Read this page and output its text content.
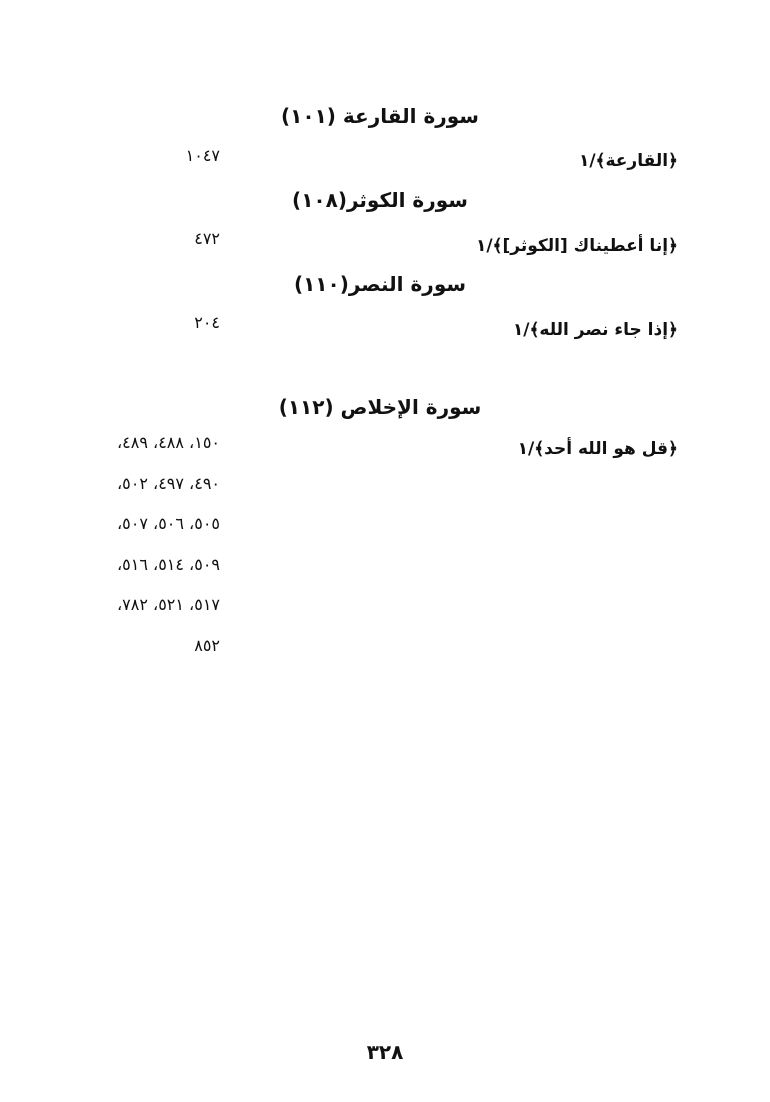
سورة القارعة (١٠١)
﴿القارعة﴾/١
١٠٤٧
سورة الكوثر(١٠٨)
﴿إنا أعطيناك [الكوثر]﴾/١
٤٧٢
سورة النصر(١١٠)
﴿إذا جاء نصر الله﴾/١
٢٠٤
سورة الإخلاص (١١٢)
﴿قل هو الله أحد﴾/١
١٥٠، ٤٨٨، ٤٨٩،
٤٩٠، ٤٩٧، ٥٠٢،
٥٠٥، ٥٠٦، ٥٠٧،
٥٠٩، ٥١٤، ٥١٦،
٥١٧، ٥٢١، ٧٨٢،
٨٥٢
٣٢٨
